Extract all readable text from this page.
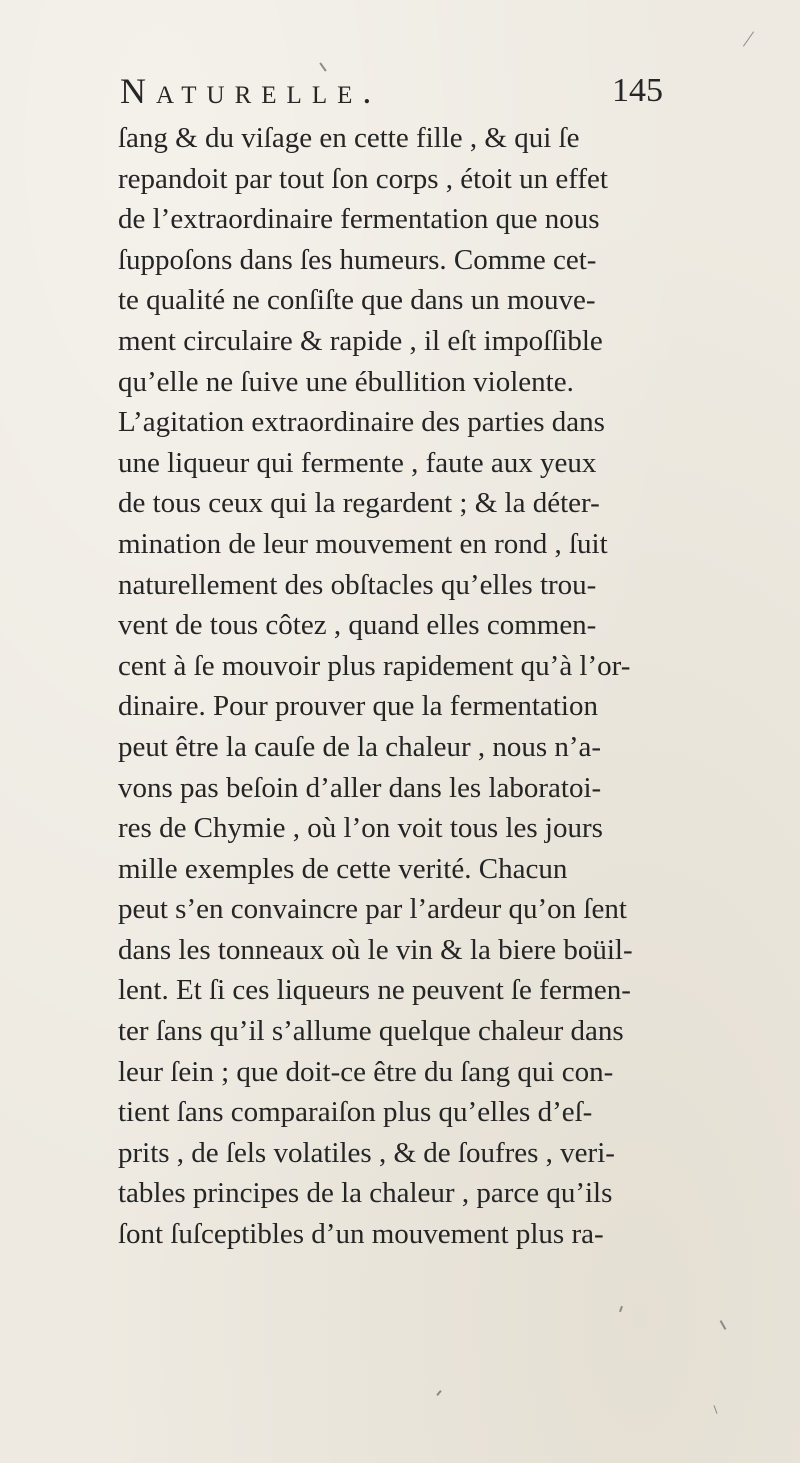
Naturelle.	145
ſang & du viſage en cette fille , & qui ſe
repandoit par tout ſon corps , étoit un effet
de l’extraordinaire fermentation que nous
ſuppoſons dans ſes humeurs. Comme cet-
te qualité ne conſiſte que dans un mouve-
ment circulaire & rapide , il eſt impoſſible
qu’elle ne ſuive une ébullition violente.
L’agitation extraordinaire des parties dans
une liqueur qui fermente , faute aux yeux
de tous ceux qui la regardent ; & la déter-
mination de leur mouvement en rond , ſuit
naturellement des obſtacles qu’elles trou-
vent de tous côtez , quand elles commen-
cent à ſe mouvoir plus rapidement qu’à l’or-
dinaire. Pour prouver que la fermentation
peut être la cauſe de la chaleur , nous n’a-
vons pas beſoin d’aller dans les laboratoi-
res de Chymie , où l’on voit tous les jours
mille exemples de cette verité. Chacun
peut s’en convaincre par l’ardeur qu’on ſent
dans les tonneaux où le vin & la biere boüil-
lent. Et ſi ces liqueurs ne peuvent ſe fermen-
ter ſans qu’il s’allume quelque chaleur dans
leur ſein ; que doit-ce être du ſang qui con-
tient ſans comparaiſon plus qu’elles d’eſ-
prits , de ſels volatiles , & de ſoufres , veri-
tables principes de la chaleur , parce qu’ils
ſont ſuſceptibles d’un mouvement plus ra-
